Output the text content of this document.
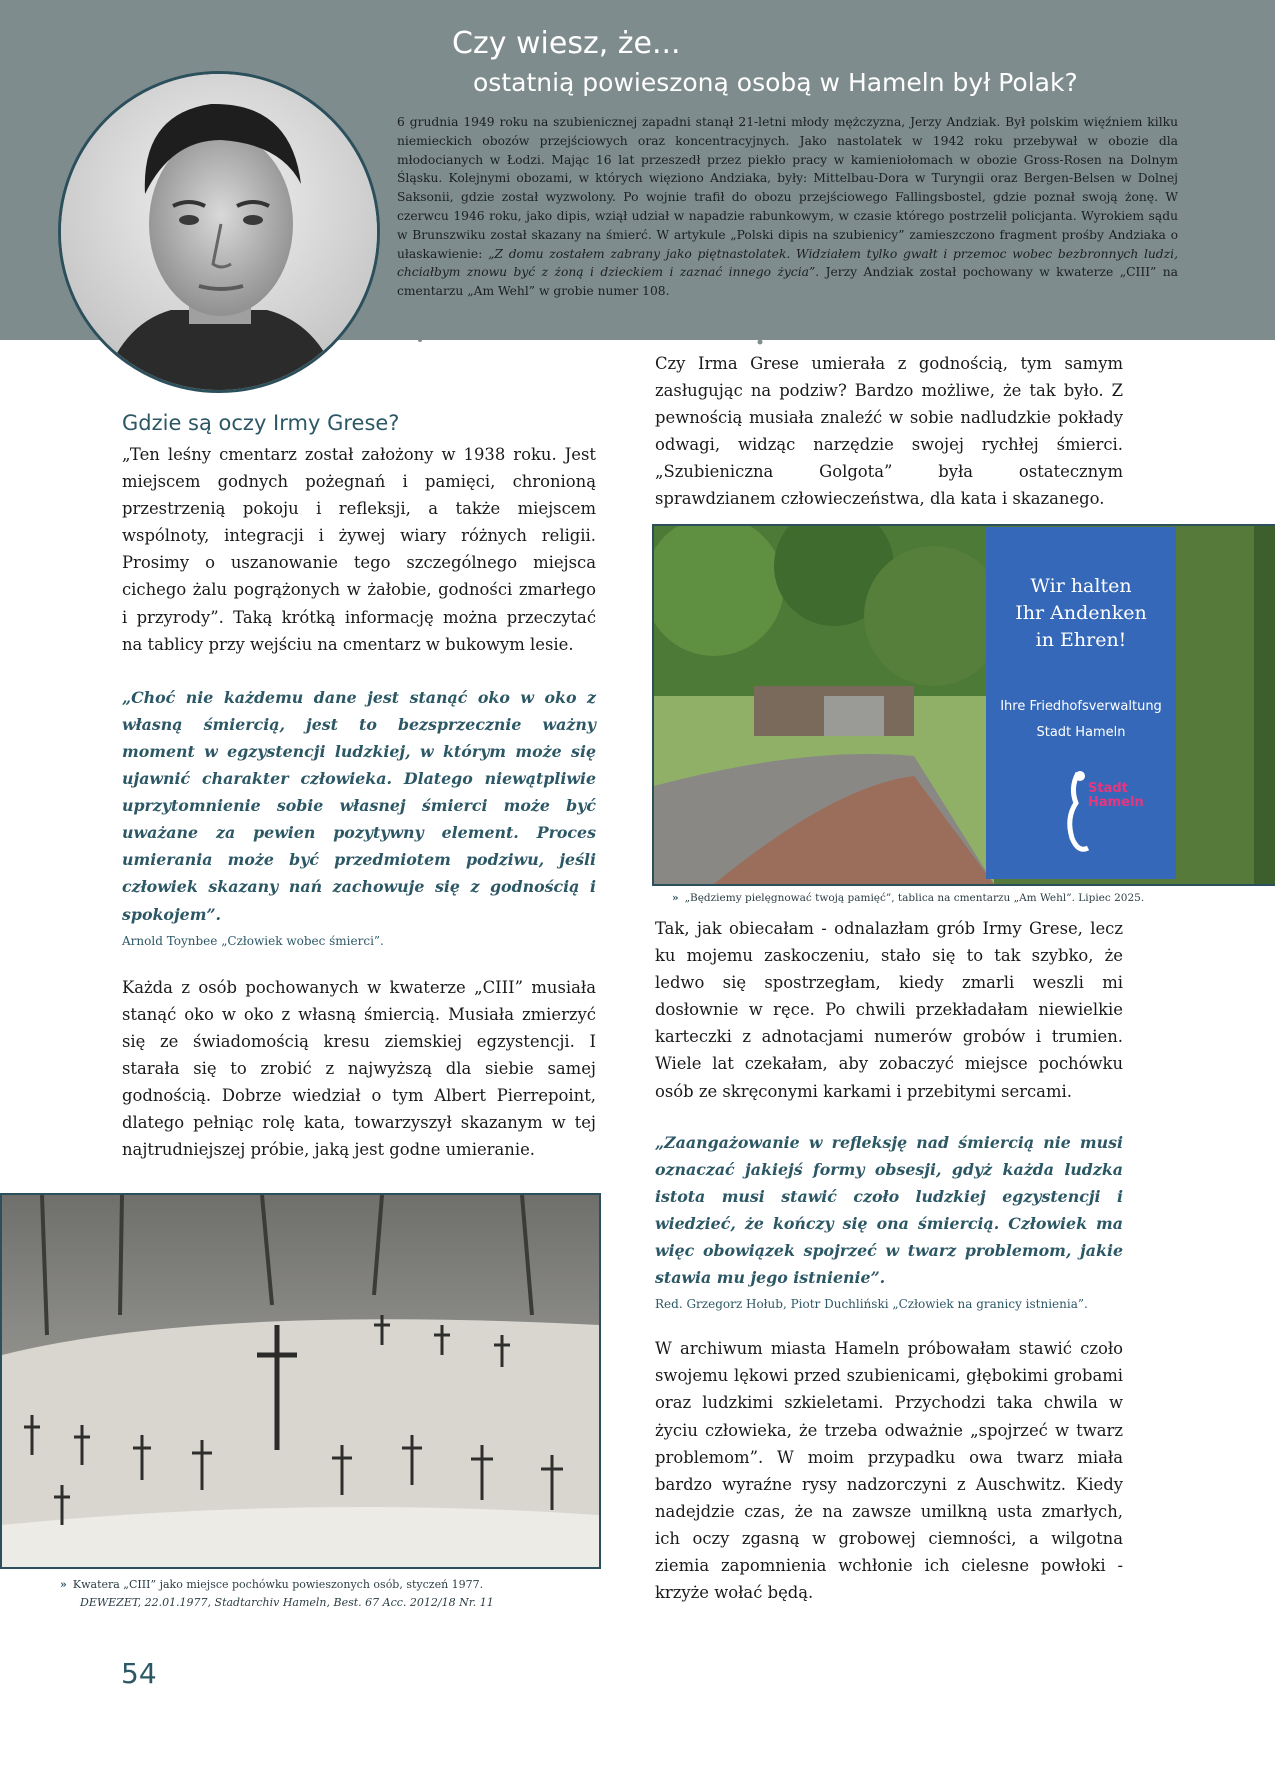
Czy wiesz, że...
ostatnią powieszoną osobą w Hameln był Polak?
6 grudnia 1949 roku na szubienicznej zapadni stanął 21-letni młody mężczyzna, Jerzy Andziak. Był polskim więźniem kilku niemieckich obozów przejściowych oraz koncentracyjnych. Jako nastolatek w 1942 roku przebywał w obozie dla młodocianych w Łodzi. Mając 16 lat przeszedł przez piekło pracy w kamieniołomach w obozie Gross-Rosen na Dolnym Śląsku. Kolejnymi obozami, w których więziono Andziaka, były: Mittelbau-Dora w Turyngii oraz Bergen-Belsen w Dolnej Saksonii, gdzie został wyzwolony. Po wojnie trafił do obozu przejściowego Fallingsbostel, gdzie poznał swoją żonę. W czerwcu 1946 roku, jako dipis, wziął udział w napadzie rabunkowym, w czasie którego postrzelił policjanta. Wyrokiem sądu w Brunszwiku został skazany na śmierć. W artykule „Polski dipis na szubienicy” zamieszczono fragment prośby Andziaka o ułaskawienie: „Z domu zostałem zabrany jako piętnastolatek. Widziałem tylko gwałt i przemoc wobec bezbronnych ludzi, chciałbym znowu być z żoną i dzieckiem i zaznać innego życia”. Jerzy Andziak został pochowany w kwaterze „CIII” na cmentarzu „Am Wehl” w grobie numer 108.
Gdzie są oczy Irmy Grese?

„Ten leśny cmentarz został założony w 1938 roku. Jest miejscem godnych pożegnań i pamięci, chronioną przestrzenią pokoju i refleksji, a także miejscem wspólnoty, integracji i żywej wiary różnych religii. Prosimy o uszanowanie tego szczególnego miejsca cichego żalu pogrążonych w żałobie, godności zmarłego i przyrody”. Taką krótką informację można przeczytać na tablicy przy wejściu na cmentarz w bukowym lesie.

„Choć nie każdemu dane jest stanąć oko w oko z własną śmiercią, jest to bezsprzecznie ważny moment w egzystencji ludzkiej, w którym może się ujawnić charakter człowieka. Dlatego niewątpliwie uprzytomnienie sobie własnej śmierci może być uważane za pewien pozytywny element. Proces umierania może być przedmiotem podziwu, jeśli człowiek skazany nań zachowuje się z godnością i spokojem”.

Arnold Toynbee „Człowiek wobec śmierci”.

Każda z osób pochowanych w kwaterze „CIII” musiała stanąć oko w oko z własną śmiercią. Musiała zmierzyć się ze świadomością kresu ziemskiej egzystencji. I starała się to zrobić z najwyższą dla siebie samej godnością. Dobrze wiedział o tym Albert Pierrepoint, dlatego pełniąc rolę kata, towarzyszył skazanym w tej najtrudniejszej próbie, jaką jest godne umieranie.

» Kwatera „CIII” jako miejsce pochówku powieszonych osób, styczeń 1977.
DEWEZET, 22.01.1977, Stadtarchiv Hameln, Best. 67 Acc. 2012/18 Nr. 11

Czy Irma Grese umierała z godnością, tym samym zasługując na podziw? Bardzo możliwe, że tak było. Z pewnością musiała znaleźć w sobie nadludzkie pokłady odwagi, widząc narzędzie swojej rychłej śmierci. „Szubieniczna Golgota” była ostatecznym sprawdzianem człowieczeństwa, dla kata i skazanego.

Wir halten
Ihr Andenken
in Ehren!
Ihre Friedhofsverwaltung
Stadt Hameln
Stadt
Hameln
» „Będziemy pielęgnować twoją pamięć”, tablica na cmentarzu „Am Wehl”. Lipiec 2025.

Tak, jak obiecałam - odnalazłam grób Irmy Grese, lecz ku mojemu zaskoczeniu, stało się to tak szybko, że ledwo się spostrzegłam, kiedy zmarli weszli mi dosłownie w ręce. Po chwili przekładałam niewielkie karteczki z adnotacjami numerów grobów i trumien. Wiele lat czekałam, aby zobaczyć miejsce pochówku osób ze skręconymi karkami i przebitymi sercami.

„Zaangażowanie w refleksję nad śmiercią nie musi oznaczać jakiejś formy obsesji, gdyż każda ludzka istota musi stawić czoło ludzkiej egzystencji i wiedzieć, że kończy się ona śmiercią. Człowiek ma więc obowiązek spojrzeć w twarz problemom, jakie stawia mu jego istnienie”.

Red. Grzegorz Hołub, Piotr Duchliński „Człowiek na granicy istnienia”.

W archiwum miasta Hameln próbowałam stawić czoło swojemu lękowi przed szubienicami, głębokimi grobami oraz ludzkimi szkieletami. Przychodzi taka chwila w życiu człowieka, że trzeba odważnie „spojrzeć w twarz problemom”. W moim przypadku owa twarz miała bardzo wyraźne rysy nadzorczyni z Auschwitz. Kiedy nadejdzie czas, że na zawsze umilkną usta zmarłych, ich oczy zgasną w grobowej ciemności, a wilgotna ziemia zapomnienia wchłonie ich cielesne powłoki - krzyże wołać będą.

54
